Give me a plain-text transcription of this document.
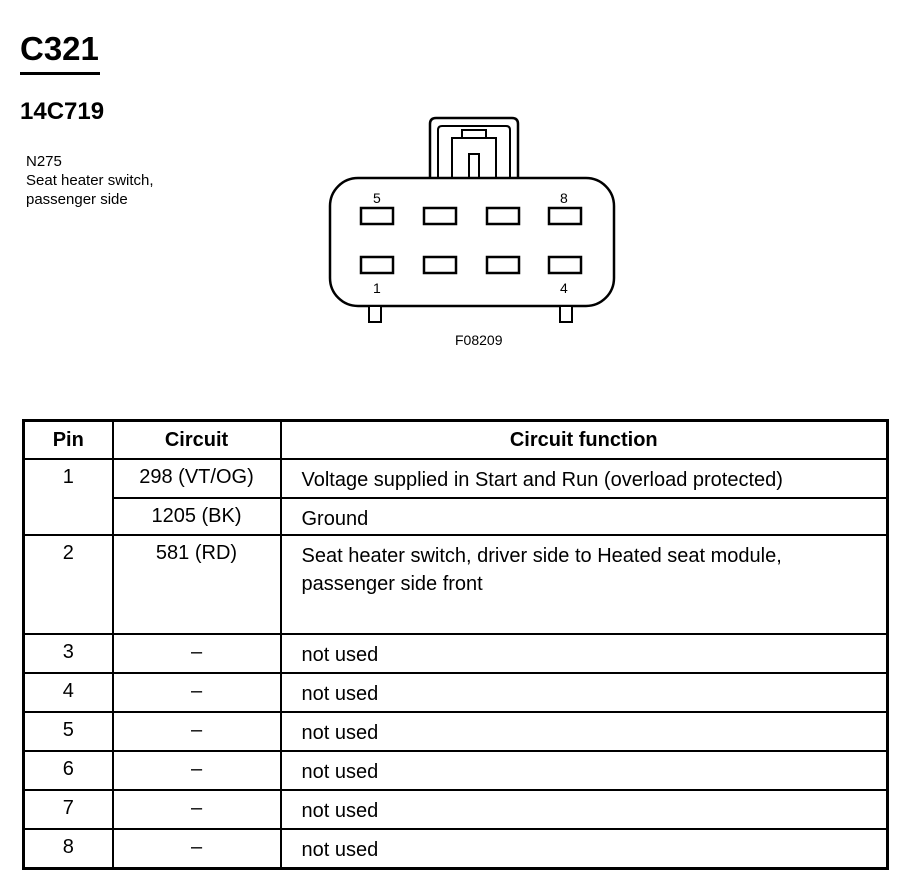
C321
14C719
N275
Seat heater switch,
passenger side	5	8
1	4
F08209
Pin	Circuit	Circuit function
1	298 (VT/OG)	Voltage supplied in Start and Run (overload protected)
	1205 (BK)	Ground
2	581 (RD)	Seat heater switch, driver side to Heated seat module, passenger side front
3	–	not used
4	–	not used
5	–	not used
6	–	not used
7	–	not used
8	–	not used
